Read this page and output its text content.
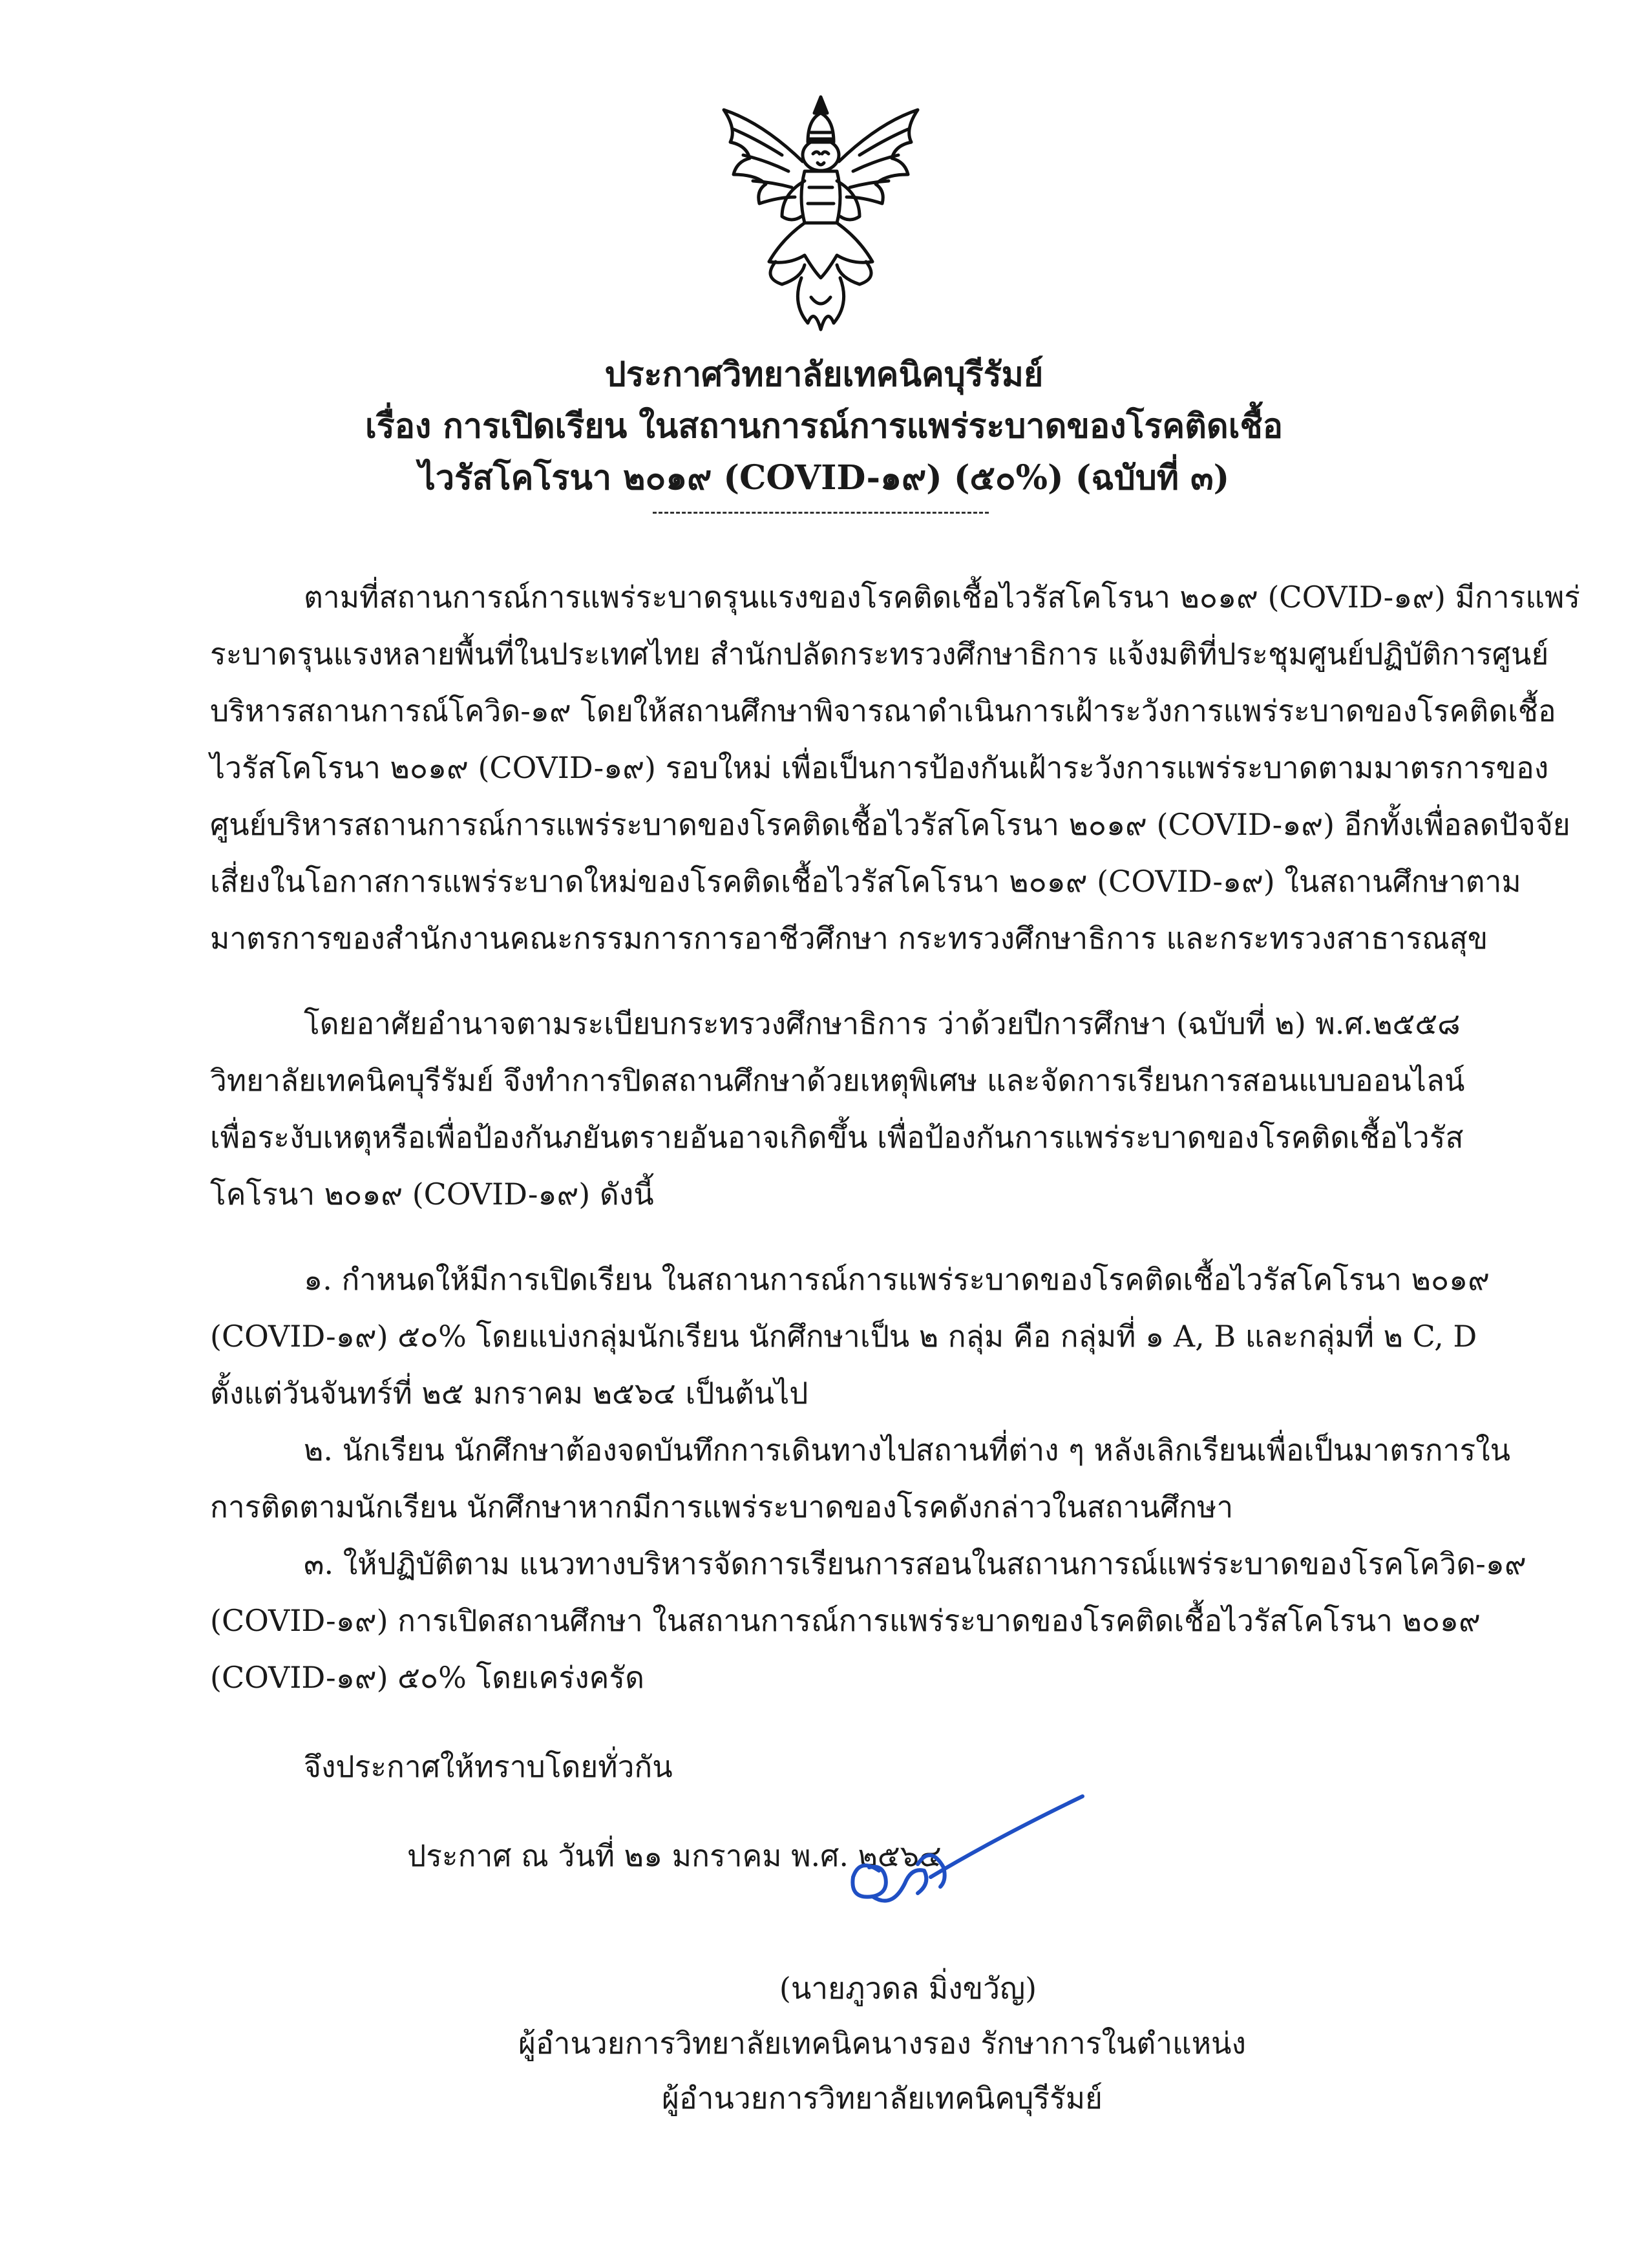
ประกาศวิทยาลัยเทคนิคบุรีรัมย์
เรื่อง การเปิดเรียน ในสถานการณ์การแพร่ระบาดของโรคติดเชื้อ
ไวรัสโคโรนา ๒๐๑๙ (COVID-๑๙) (๕๐%) (ฉบับที่ ๓)

ตามที่สถานการณ์การแพร่ระบาดรุนแรงของโรคติดเชื้อไวรัสโคโรนา ๒๐๑๙ (COVID-๑๙) มีการแพร่
ระบาดรุนแรงหลายพื้นที่ในประเทศไทย สำนักปลัดกระทรวงศึกษาธิการ แจ้งมติที่ประชุมศูนย์ปฏิบัติการศูนย์
บริหารสถานการณ์โควิด-๑๙ โดยให้สถานศึกษาพิจารณาดำเนินการเฝ้าระวังการแพร่ระบาดของโรคติดเชื้อ
ไวรัสโคโรนา ๒๐๑๙ (COVID-๑๙) รอบใหม่ เพื่อเป็นการป้องกันเฝ้าระวังการแพร่ระบาดตามมาตรการของ
ศูนย์บริหารสถานการณ์การแพร่ระบาดของโรคติดเชื้อไวรัสโคโรนา ๒๐๑๙ (COVID-๑๙) อีกทั้งเพื่อลดปัจจัย
เสี่ยงในโอกาสการแพร่ระบาดใหม่ของโรคติดเชื้อไวรัสโคโรนา ๒๐๑๙ (COVID-๑๙) ในสถานศึกษาตาม
มาตรการของสำนักงานคณะกรรมการการอาชีวศึกษา กระทรวงศึกษาธิการ และกระทรวงสาธารณสุข

โดยอาศัยอำนาจตามระเบียบกระทรวงศึกษาธิการ ว่าด้วยปีการศึกษา (ฉบับที่ ๒) พ.ศ.๒๕๕๘
วิทยาลัยเทคนิคบุรีรัมย์ จึงทำการปิดสถานศึกษาด้วยเหตุพิเศษ และจัดการเรียนการสอนแบบออนไลน์
เพื่อระงับเหตุหรือเพื่อป้องกันภยันตรายอันอาจเกิดขึ้น เพื่อป้องกันการแพร่ระบาดของโรคติดเชื้อไวรัส
โคโรนา ๒๐๑๙ (COVID-๑๙) ดังนี้

๑. กำหนดให้มีการเปิดเรียน ในสถานการณ์การแพร่ระบาดของโรคติดเชื้อไวรัสโคโรนา ๒๐๑๙
(COVID-๑๙) ๕๐% โดยแบ่งกลุ่มนักเรียน นักศึกษาเป็น ๒ กลุ่ม คือ กลุ่มที่ ๑ A, B และกลุ่มที่ ๒ C, D
ตั้งแต่วันจันทร์ที่ ๒๕ มกราคม ๒๕๖๔ เป็นต้นไป

๒. นักเรียน นักศึกษาต้องจดบันทึกการเดินทางไปสถานที่ต่าง ๆ หลังเลิกเรียนเพื่อเป็นมาตรการใน
การติดตามนักเรียน นักศึกษาหากมีการแพร่ระบาดของโรคดังกล่าวในสถานศึกษา

๓. ให้ปฏิบัติตาม แนวทางบริหารจัดการเรียนการสอนในสถานการณ์แพร่ระบาดของโรคโควิด-๑๙
(COVID-๑๙) การเปิดสถานศึกษา ในสถานการณ์การแพร่ระบาดของโรคติดเชื้อไวรัสโคโรนา ๒๐๑๙
(COVID-๑๙) ๕๐% โดยเคร่งครัด

จึงประกาศให้ทราบโดยทั่วกัน
ประกาศ ณ วันที่ ๒๑ มกราคม พ.ศ. ๒๕๖๔
(นายภูวดล มิ่งขวัญ)
ผู้อำนวยการวิทยาลัยเทคนิคนางรอง รักษาการในตำแหน่ง
ผู้อำนวยการวิทยาลัยเทคนิคบุรีรัมย์
